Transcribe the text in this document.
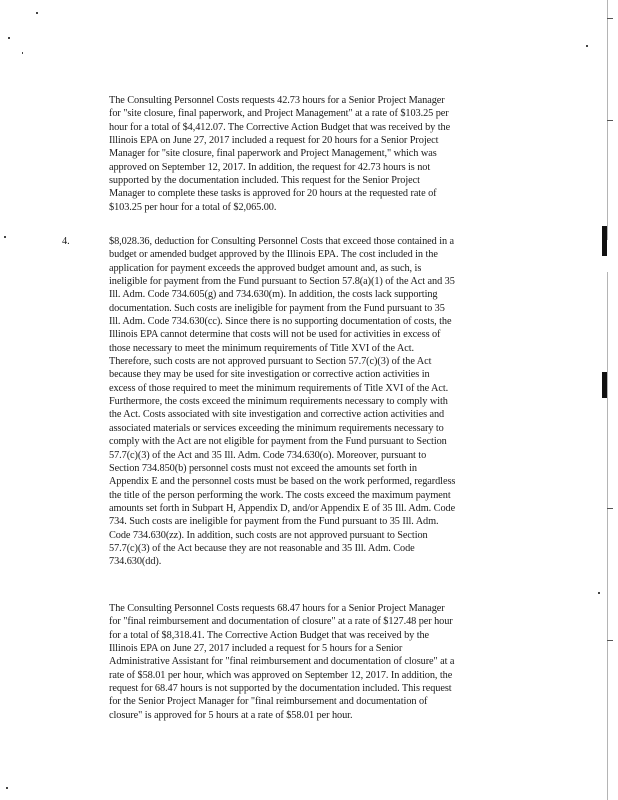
The Consulting Personnel Costs requests 42.73 hours for a Senior Project Manager
for "site closure, final paperwork, and Project Management" at a rate of $103.25 per
hour for a total of $4,412.07. The Corrective Action Budget that was received by the
Illinois EPA on June 27, 2017 included a request for 20 hours for a Senior Project
Manager for "site closure, final paperwork and Project Management," which was
approved on September 12, 2017. In addition, the request for 42.73 hours is not
supported by the documentation included. This request for the Senior Project
Manager to complete these tasks is approved for 20 hours at the requested rate of
$103.25 per hour for a total of $2,065.00.
4.	$8,028.36, deduction for Consulting Personnel Costs that exceed those contained in a
budget or amended budget approved by the Illinois EPA. The cost included in the
application for payment exceeds the approved budget amount and, as such, is
ineligible for payment from the Fund pursuant to Section 57.8(a)(1) of the Act and 35
Ill. Adm. Code 734.605(g) and 734.630(m). In addition, the costs lack supporting
documentation. Such costs are ineligible for payment from the Fund pursuant to 35
Ill. Adm. Code 734.630(cc). Since there is no supporting documentation of costs, the
Illinois EPA cannot determine that costs will not be used for activities in excess of
those necessary to meet the minimum requirements of Title XVI of the Act.
Therefore, such costs are not approved pursuant to Section 57.7(c)(3) of the Act
because they may be used for site investigation or corrective action activities in
excess of those required to meet the minimum requirements of Title XVI of the Act.
Furthermore, the costs exceed the minimum requirements necessary to comply with
the Act. Costs associated with site investigation and corrective action activities and
associated materials or services exceeding the minimum requirements necessary to
comply with the Act are not eligible for payment from the Fund pursuant to Section
57.7(c)(3) of the Act and 35 Ill. Adm. Code 734.630(o). Moreover, pursuant to
Section 734.850(b) personnel costs must not exceed the amounts set forth in
Appendix E and the personnel costs must be based on the work performed, regardless
the title of the person performing the work. The costs exceed the maximum payment
amounts set forth in Subpart H, Appendix D, and/or Appendix E of 35 Ill. Adm. Code
734. Such costs are ineligible for payment from the Fund pursuant to 35 Ill. Adm.
Code 734.630(zz). In addition, such costs are not approved pursuant to Section
57.7(c)(3) of the Act because they are not reasonable and 35 Ill. Adm. Code
734.630(dd).
The Consulting Personnel Costs requests 68.47 hours for a Senior Project Manager
for "final reimbursement and documentation of closure" at a rate of $127.48 per hour
for a total of $8,318.41. The Corrective Action Budget that was received by the
Illinois EPA on June 27, 2017 included a request for 5 hours for a Senior
Administrative Assistant for "final reimbursement and documentation of closure" at a
rate of $58.01 per hour, which was approved on September 12, 2017. In addition, the
request for 68.47 hours is not supported by the documentation included. This request
for the Senior Project Manager for "final reimbursement and documentation of
closure" is approved for 5 hours at a rate of $58.01 per hour.
